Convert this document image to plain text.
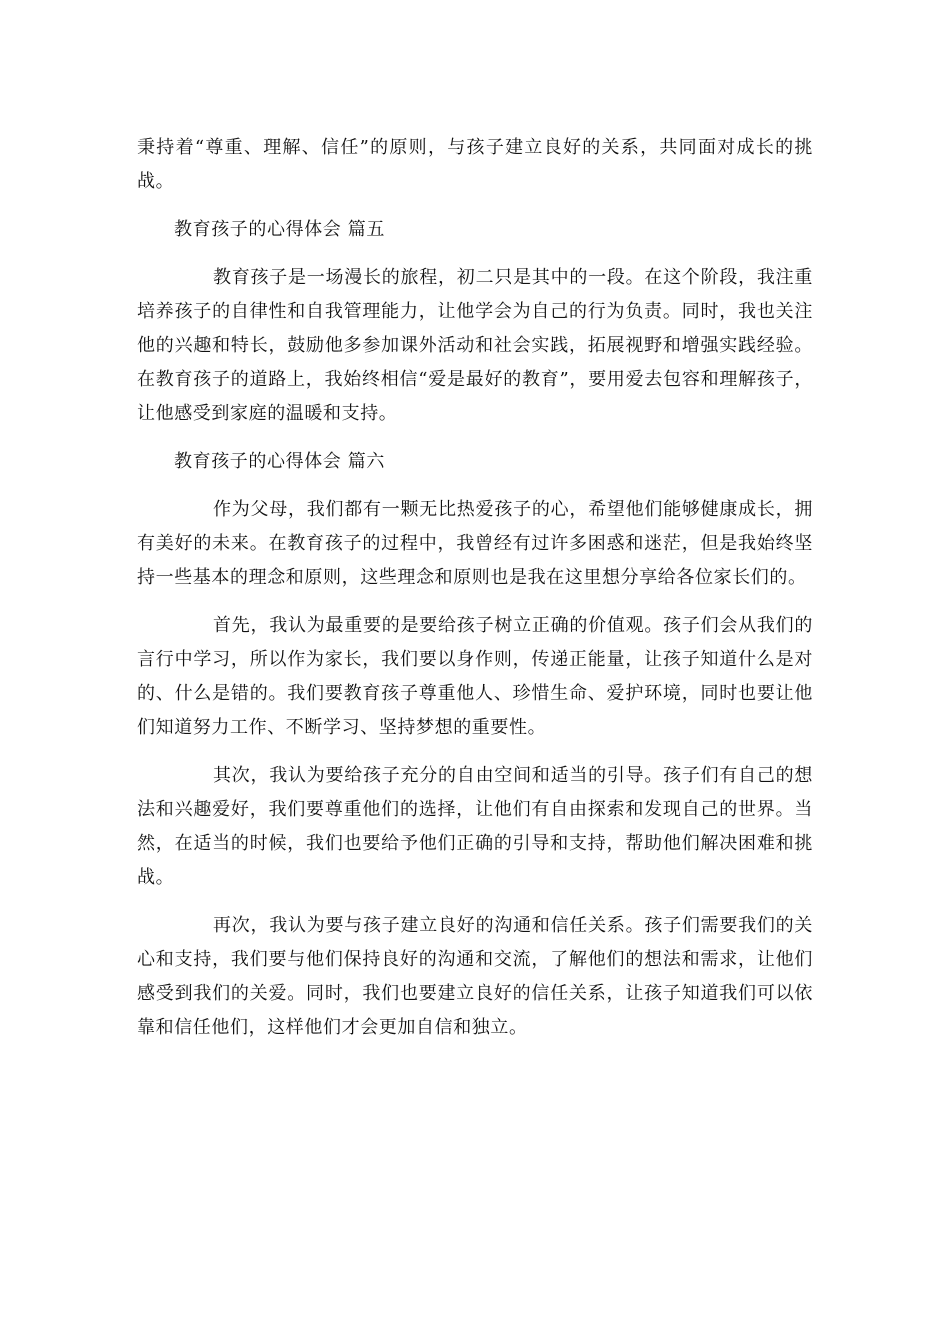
秉持着“尊重、理解、信任”的原则，与孩子建立良好的关系，共同面对成长的挑战。

教育孩子的心得体会 篇五

教育孩子是一场漫长的旅程，初二只是其中的一段。在这个阶段，我注重培养孩子的自律性和自我管理能力，让他学会为自己的行为负责。同时，我也关注他的兴趣和特长，鼓励他多参加课外活动和社会实践，拓展视野和增强实践经验。在教育孩子的道路上，我始终相信“爱是最好的教育”，要用爱去包容和理解孩子，让他感受到家庭的温暖和支持。

教育孩子的心得体会 篇六

作为父母，我们都有一颗无比热爱孩子的心，希望他们能够健康成长，拥有美好的未来。在教育孩子的过程中，我曾经有过许多困惑和迷茫，但是我始终坚持一些基本的理念和原则，这些理念和原则也是我在这里想分享给各位家长们的。

首先，我认为最重要的是要给孩子树立正确的价值观。孩子们会从我们的言行中学习，所以作为家长，我们要以身作则，传递正能量，让孩子知道什么是对的、什么是错的。我们要教育孩子尊重他人、珍惜生命、爱护环境，同时也要让他们知道努力工作、不断学习、坚持梦想的重要性。

其次，我认为要给孩子充分的自由空间和适当的引导。孩子们有自己的想法和兴趣爱好，我们要尊重他们的选择，让他们有自由探索和发现自己的世界。当然，在适当的时候，我们也要给予他们正确的引导和支持，帮助他们解决困难和挑战。

再次，我认为要与孩子建立良好的沟通和信任关系。孩子们需要我们的关心和支持，我们要与他们保持良好的沟通和交流，了解他们的想法和需求，让他们感受到我们的关爱。同时，我们也要建立良好的信任关系，让孩子知道我们可以依靠和信任他们，这样他们才会更加自信和独立。
